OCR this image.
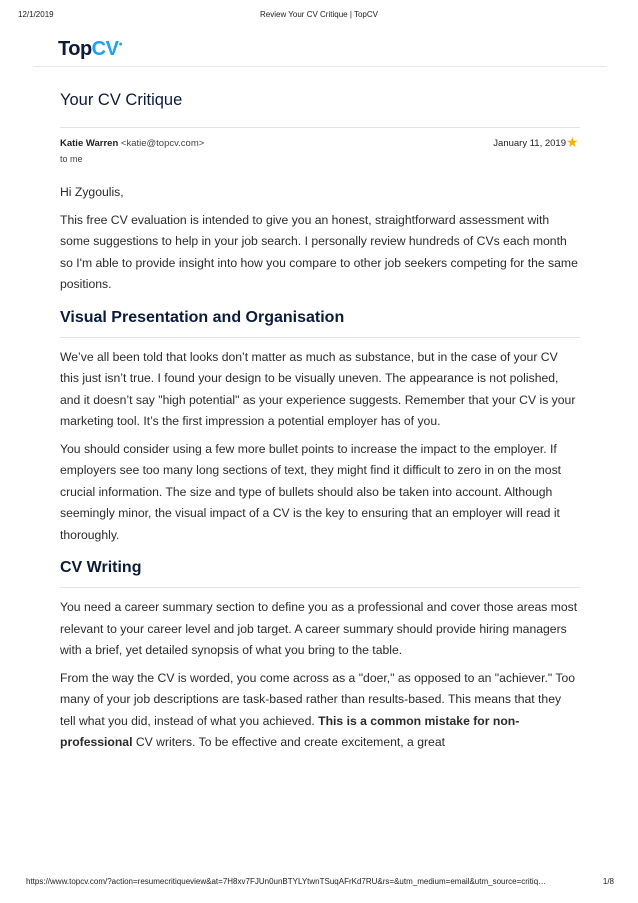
12/1/2019	Review Your CV Critique | TopCV
TopCV●
Your CV Critique
Katie Warren <katie@topcv.com>
to me
January 11, 2019 ★

Hi Zygoulis,

This free CV evaluation is intended to give you an honest, straightforward assessment with some suggestions to help in your job search. I personally review hundreds of CVs each month so I'm able to provide insight into how you compare to other job seekers competing for the same positions.

Visual Presentation and Organisation

We’ve all been told that looks don’t matter as much as substance, but in the case of your CV this just isn’t true. I found your design to be visually uneven. The appearance is not polished, and it doesn’t say "high potential" as your experience suggests. Remember that your CV is your marketing tool. It’s the first impression a potential employer has of you.

You should consider using a few more bullet points to increase the impact to the employer. If employers see too many long sections of text, they might find it difficult to zero in on the most crucial information. The size and type of bullets should also be taken into account. Although seemingly minor, the visual impact of a CV is the key to ensuring that an employer will read it thoroughly.

CV Writing

You need a career summary section to define you as a professional and cover those areas most relevant to your career level and job target. A career summary should provide hiring managers with a brief, yet detailed synopsis of what you bring to the table.

From the way the CV is worded, you come across as a "doer," as opposed to an "achiever." Too many of your job descriptions are task-based rather than results-based. This means that they tell what you did, instead of what you achieved. This is a common mistake for non-professional CV writers. To be effective and create excitement, a great

https://www.topcv.com/?action=resumecritiqueview&at=7H8xv7FJUn0unBTYLYtwnTSuqAFrKd7RU&rs=&utm_medium=email&utm_source=critiq…	1/8
